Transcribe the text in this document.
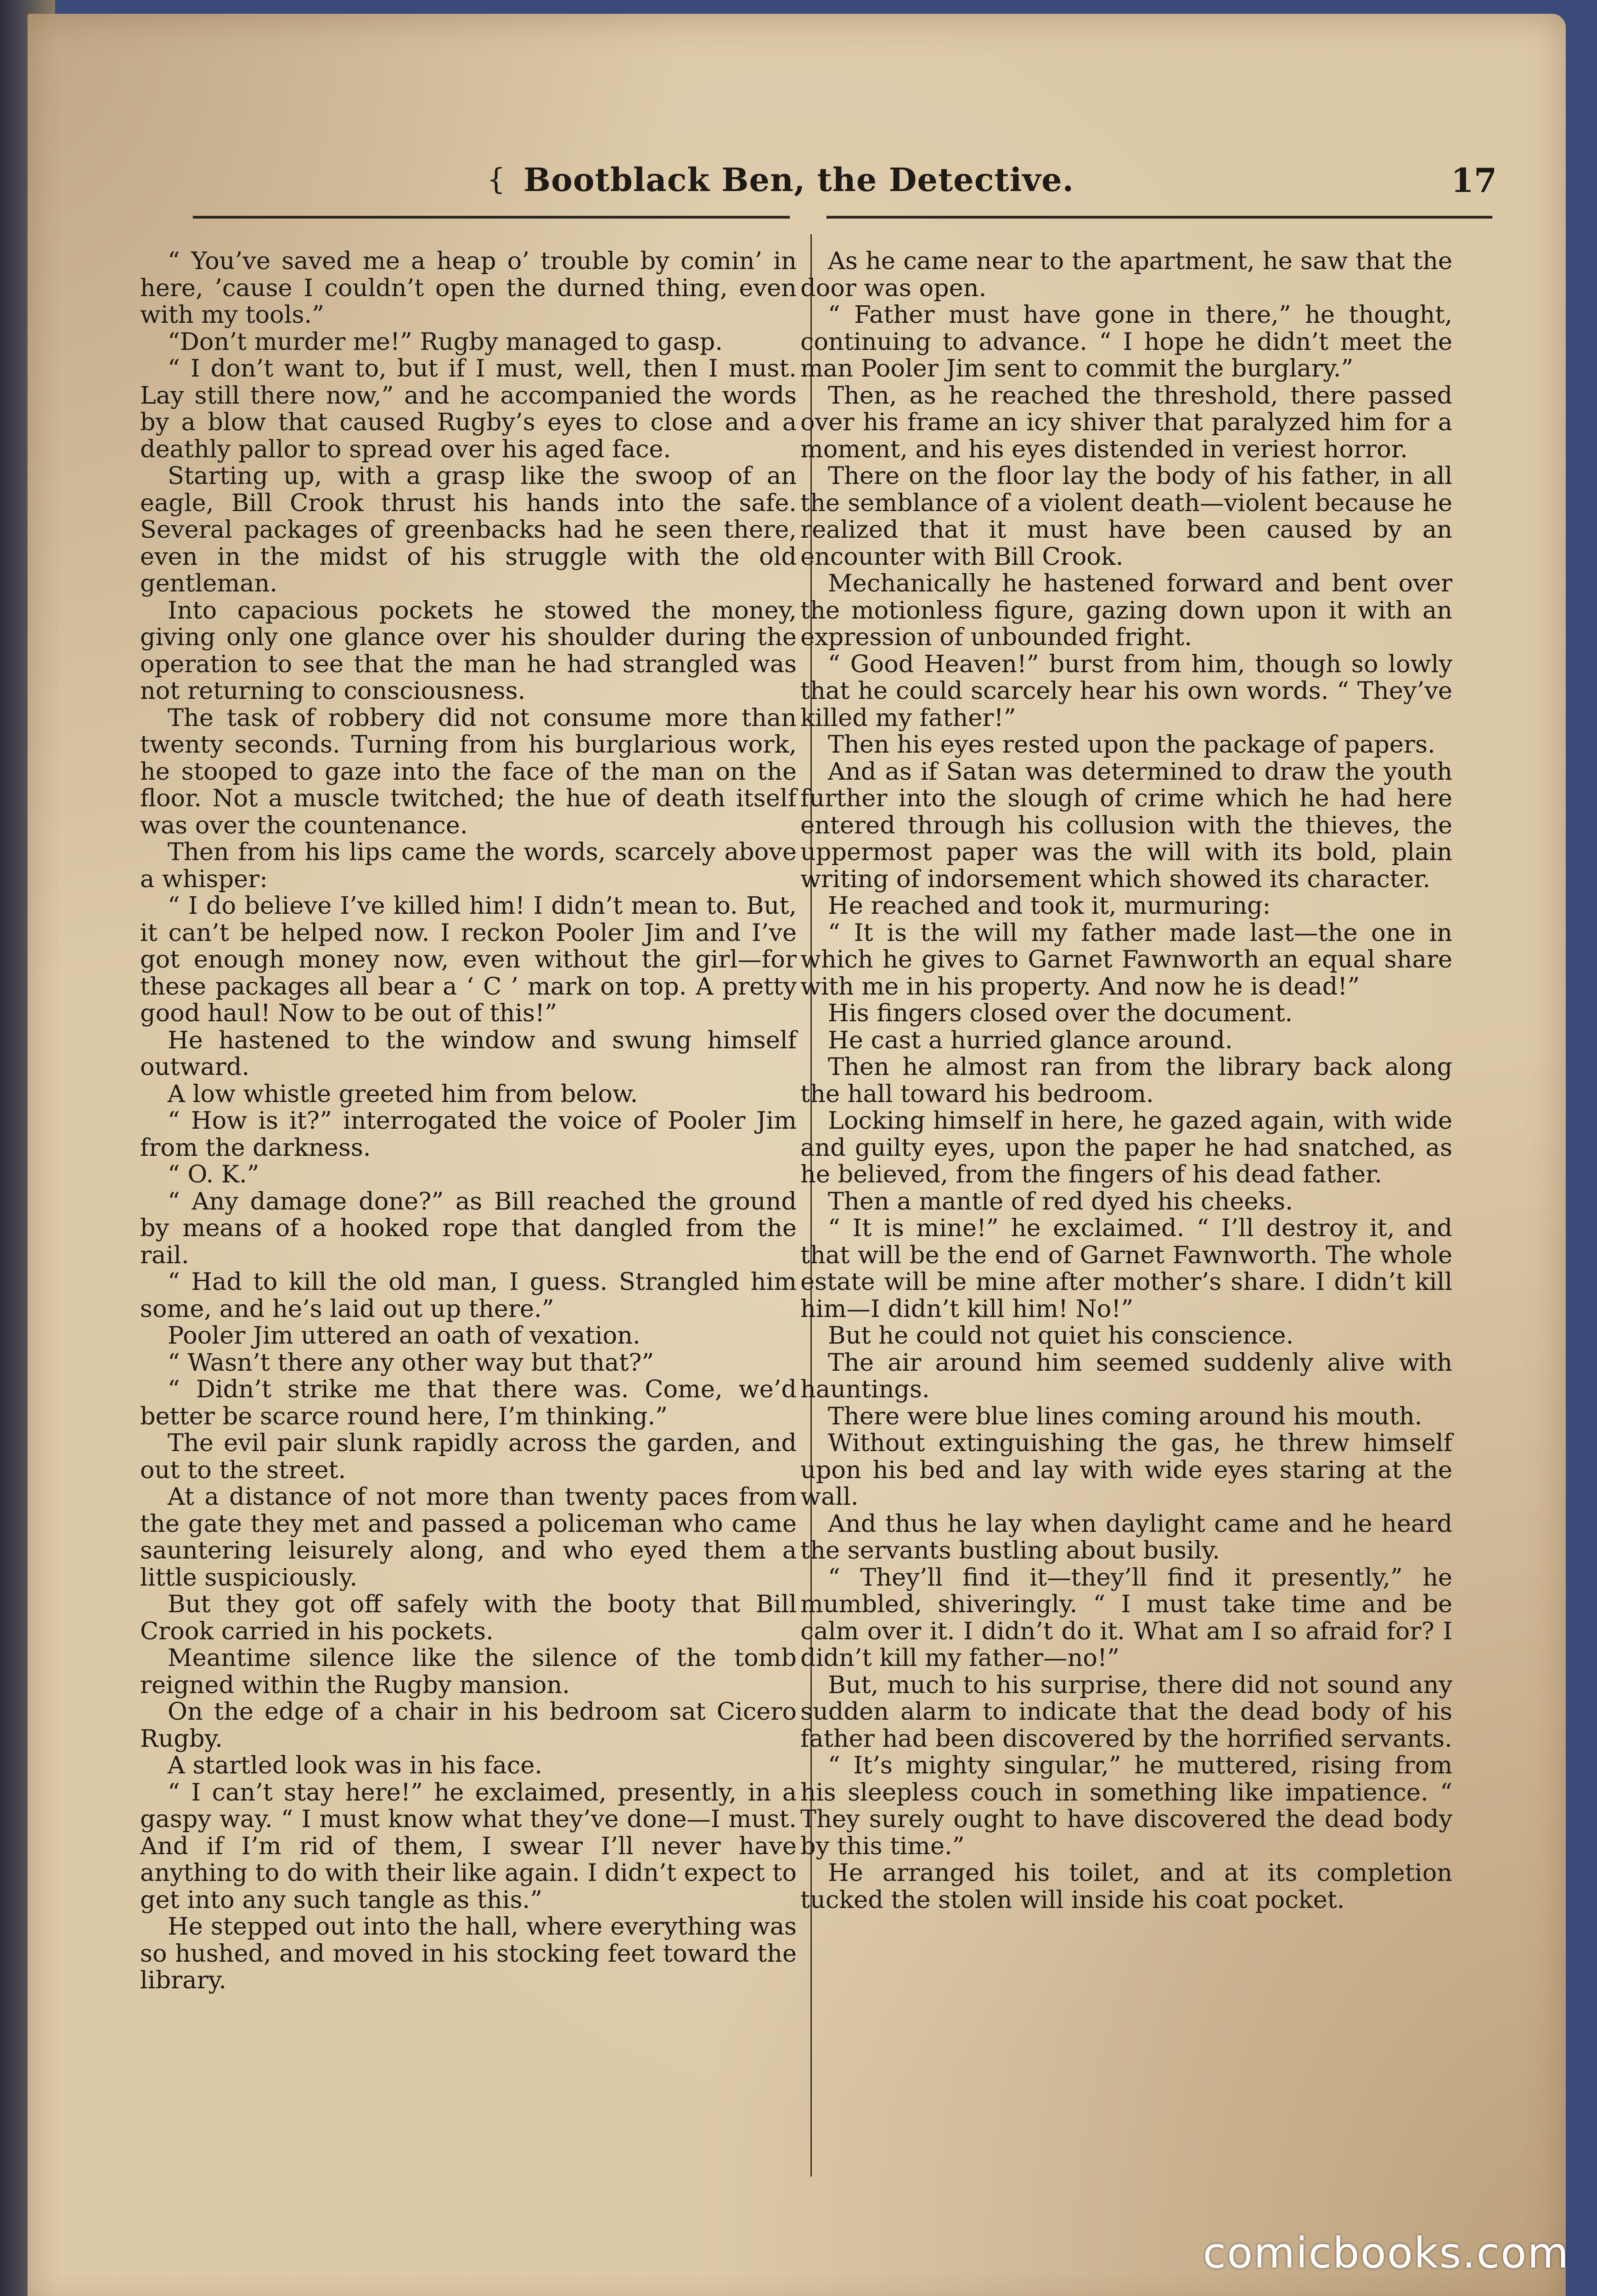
{ Bootblack Ben, the Detective.	17

“ You’ve saved me a heap o’ trouble by comin’ in here, ’cause I couldn’t open the durned thing, even with my tools.”

“Don’t murder me!” Rugby managed to gasp.

“ I don’t want to, but if I must, well, then I must. Lay still there now,” and he accompanied the words by a blow that caused Rugby’s eyes to close and a deathly pallor to spread over his aged face.

Starting up, with a grasp like the swoop of an eagle, Bill Crook thrust his hands into the safe. Several packages of greenbacks had he seen there, even in the midst of his struggle with the old gentleman.

Into capacious pockets he stowed the money, giving only one glance over his shoulder during the operation to see that the man he had strangled was not returning to consciousness.

The task of robbery did not consume more than twenty seconds. Turning from his burglarious work, he stooped to gaze into the face of the man on the floor. Not a muscle twitched; the hue of death itself was over the countenance.

Then from his lips came the words, scarcely above a whisper:

“ I do believe I’ve killed him! I didn’t mean to. But, it can’t be helped now. I reckon Pooler Jim and I’ve got enough money now, even without the girl—for these packages all bear a ‘ C ’ mark on top. A pretty good haul! Now to be out of this!”

He hastened to the window and swung himself outward.

A low whistle greeted him from below.

“ How is it?” interrogated the voice of Pooler Jim from the darkness.

“ O. K.”

“ Any damage done?” as Bill reached the ground by means of a hooked rope that dangled from the rail.

“ Had to kill the old man, I guess. Strangled him some, and he’s laid out up there.”

Pooler Jim uttered an oath of vexation.

“ Wasn’t there any other way but that?”

“ Didn’t strike me that there was. Come, we’d better be scarce round here, I’m thinking.”

The evil pair slunk rapidly across the garden, and out to the street.

At a distance of not more than twenty paces from the gate they met and passed a policeman who came sauntering leisurely along, and who eyed them a little suspiciously.

But they got off safely with the booty that Bill Crook carried in his pockets.

Meantime silence like the silence of the tomb reigned within the Rugby mansion.

On the edge of a chair in his bedroom sat Cicero Rugby.

A startled look was in his face.

“ I can’t stay here!” he exclaimed, presently, in a gaspy way. “ I must know what they’ve done—I must. And if I’m rid of them, I swear I’ll never have anything to do with their like again. I didn’t expect to get into any such tangle as this.”

He stepped out into the hall, where everything was so hushed, and moved in his stocking feet toward the library.

As he came near to the apartment, he saw that the door was open.

“ Father must have gone in there,” he thought, continuing to advance. “ I hope he didn’t meet the man Pooler Jim sent to commit the burglary.”

Then, as he reached the threshold, there passed over his frame an icy shiver that paralyzed him for a moment, and his eyes distended in veriest horror.

There on the floor lay the body of his father, in all the semblance of a violent death—violent because he realized that it must have been caused by an encounter with Bill Crook.

Mechanically he hastened forward and bent over the motionless figure, gazing down upon it with an expression of unbounded fright.

“ Good Heaven!” burst from him, though so lowly that he could scarcely hear his own words. “ They’ve killed my father!”

Then his eyes rested upon the package of papers.

And as if Satan was determined to draw the youth further into the slough of crime which he had here entered through his collusion with the thieves, the uppermost paper was the will with its bold, plain writing of indorsement which showed its character.

He reached and took it, murmuring:

“ It is the will my father made last—the one in which he gives to Garnet Fawnworth an equal share with me in his property. And now he is dead!”

His fingers closed over the document.

He cast a hurried glance around.

Then he almost ran from the library back along the hall toward his bedroom.

Locking himself in here, he gazed again, with wide and guilty eyes, upon the paper he had snatched, as he believed, from the fingers of his dead father.

Then a mantle of red dyed his cheeks.

“ It is mine!” he exclaimed. “ I’ll destroy it, and that will be the end of Garnet Fawnworth. The whole estate will be mine after mother’s share. I didn’t kill him—I didn’t kill him! No!”

But he could not quiet his conscience.

The air around him seemed suddenly alive with hauntings.

There were blue lines coming around his mouth.

Without extinguishing the gas, he threw himself upon his bed and lay with wide eyes staring at the wall.

And thus he lay when daylight came and he heard the servants bustling about busily.

“ They’ll find it—they’ll find it presently,” he mumbled, shiveringly. “ I must take time and be calm over it. I didn’t do it. What am I so afraid for? I didn’t kill my father—no!”

But, much to his surprise, there did not sound any sudden alarm to indicate that the dead body of his father had been discovered by the horrified servants.

“ It’s mighty singular,” he muttered, rising from his sleepless couch in something like impatience. “ They surely ought to have discovered the dead body by this time.”

He arranged his toilet, and at its completion tucked the stolen will inside his coat pocket.

comicbooks.com
